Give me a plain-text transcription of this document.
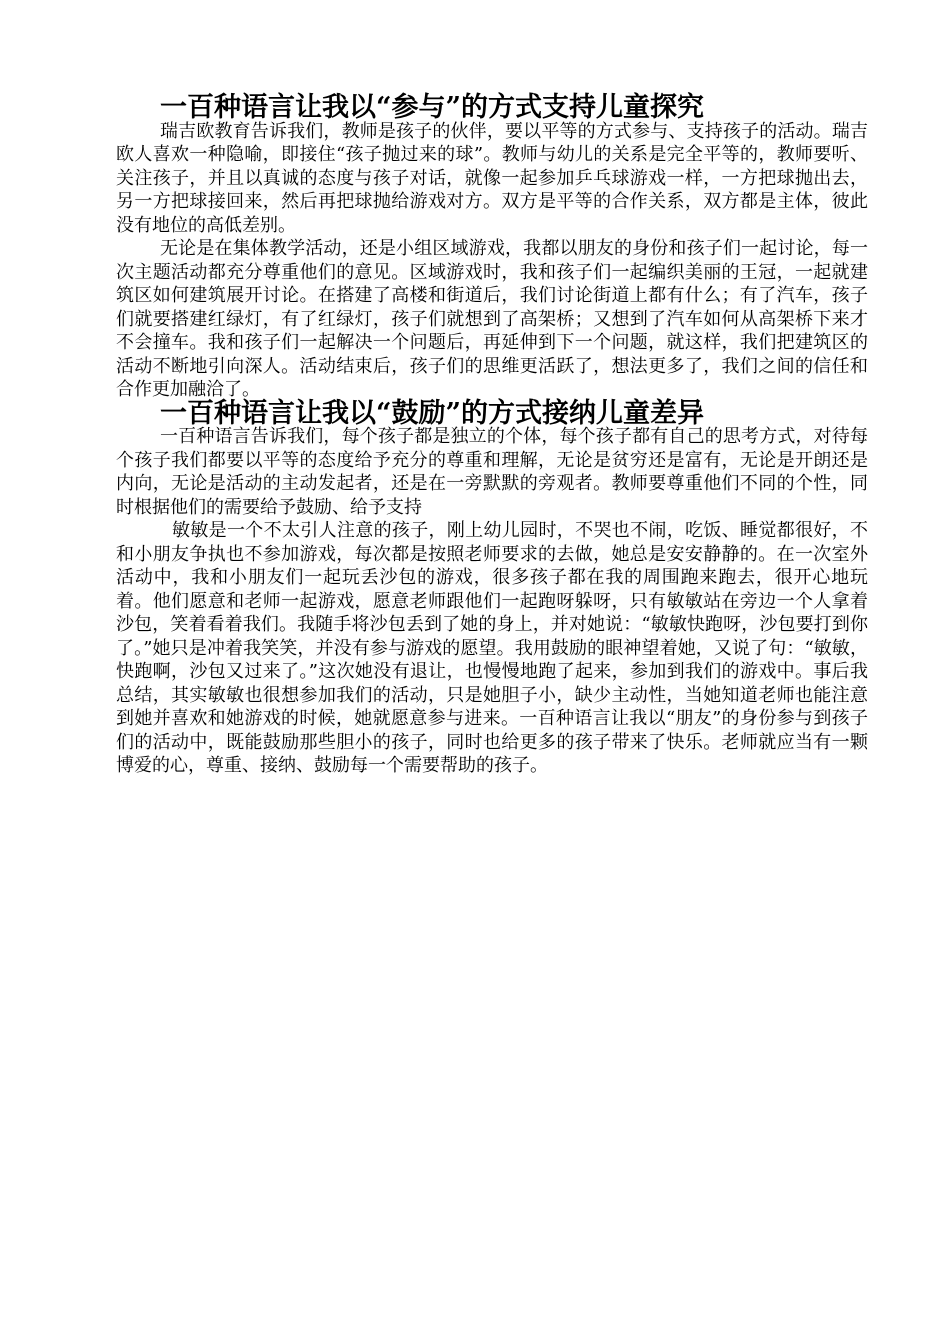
一百种语言让我以“参与”的方式支持儿童探究

瑞吉欧教育告诉我们，教师是孩子的伙伴，要以平等的方式参与、支持孩子的活动。瑞吉欧人喜欢一种隐喻，即接住“孩子抛过来的球”。教师与幼儿的关系是完全平等的，教师要听、关注孩子，并且以真诚的态度与孩子对话，就像一起参加乒乓球游戏一样，一方把球抛出去，另一方把球接回来，然后再把球抛给游戏对方。双方是平等的合作关系，双方都是主体，彼此没有地位的高低差别。

无论是在集体教学活动，还是小组区域游戏，我都以朋友的身份和孩子们一起讨论，每一次主题活动都充分尊重他们的意见。区域游戏时，我和孩子们一起编织美丽的王冠，一起就建筑区如何建筑展开讨论。在搭建了高楼和街道后，我们讨论街道上都有什么；有了汽车，孩子们就要搭建红绿灯，有了红绿灯，孩子们就想到了高架桥；又想到了汽车如何从高架桥下来才不会撞车。我和孩子们一起解决一个问题后，再延伸到下一个问题，就这样，我们把建筑区的活动不断地引向深人。活动结束后，孩子们的思维更活跃了，想法更多了，我们之间的信任和合作更加融洽了。

一百种语言让我以“鼓励”的方式接纳儿童差异

一百种语言告诉我们，每个孩子都是独立的个体，每个孩子都有自己的思考方式，对待每个孩子我们都要以平等的态度给予充分的尊重和理解，无论是贫穷还是富有，无论是开朗还是内向，无论是活动的主动发起者，还是在一旁默默的旁观者。教师要尊重他们不同的个性，同时根据他们的需要给予鼓励、给予支持

敏敏是一个不太引人注意的孩子，刚上幼儿园时，不哭也不闹，吃饭、睡觉都很好，不和小朋友争执也不参加游戏，每次都是按照老师要求的去做，她总是安安静静的。在一次室外活动中，我和小朋友们一起玩丢沙包的游戏，很多孩子都在我的周围跑来跑去，很开心地玩着。他们愿意和老师一起游戏，愿意老师跟他们一起跑呀躲呀，只有敏敏站在旁边一个人拿着沙包，笑着看着我们。我随手将沙包丢到了她的身上，并对她说：“敏敏快跑呀，沙包要打到你了。”她只是冲着我笑笑，并没有参与游戏的愿望。我用鼓励的眼神望着她，又说了句：“敏敏，快跑啊，沙包又过来了。”这次她没有退让，也慢慢地跑了起来，参加到我们的游戏中。事后我总结，其实敏敏也很想参加我们的活动，只是她胆子小，缺少主动性，当她知道老师也能注意到她并喜欢和她游戏的时候，她就愿意参与进来。一百种语言让我以“朋友”的身份参与到孩子们的活动中，既能鼓励那些胆小的孩子，同时也给更多的孩子带来了快乐。老师就应当有一颗博爱的心，尊重、接纳、鼓励每一个需要帮助的孩子。
